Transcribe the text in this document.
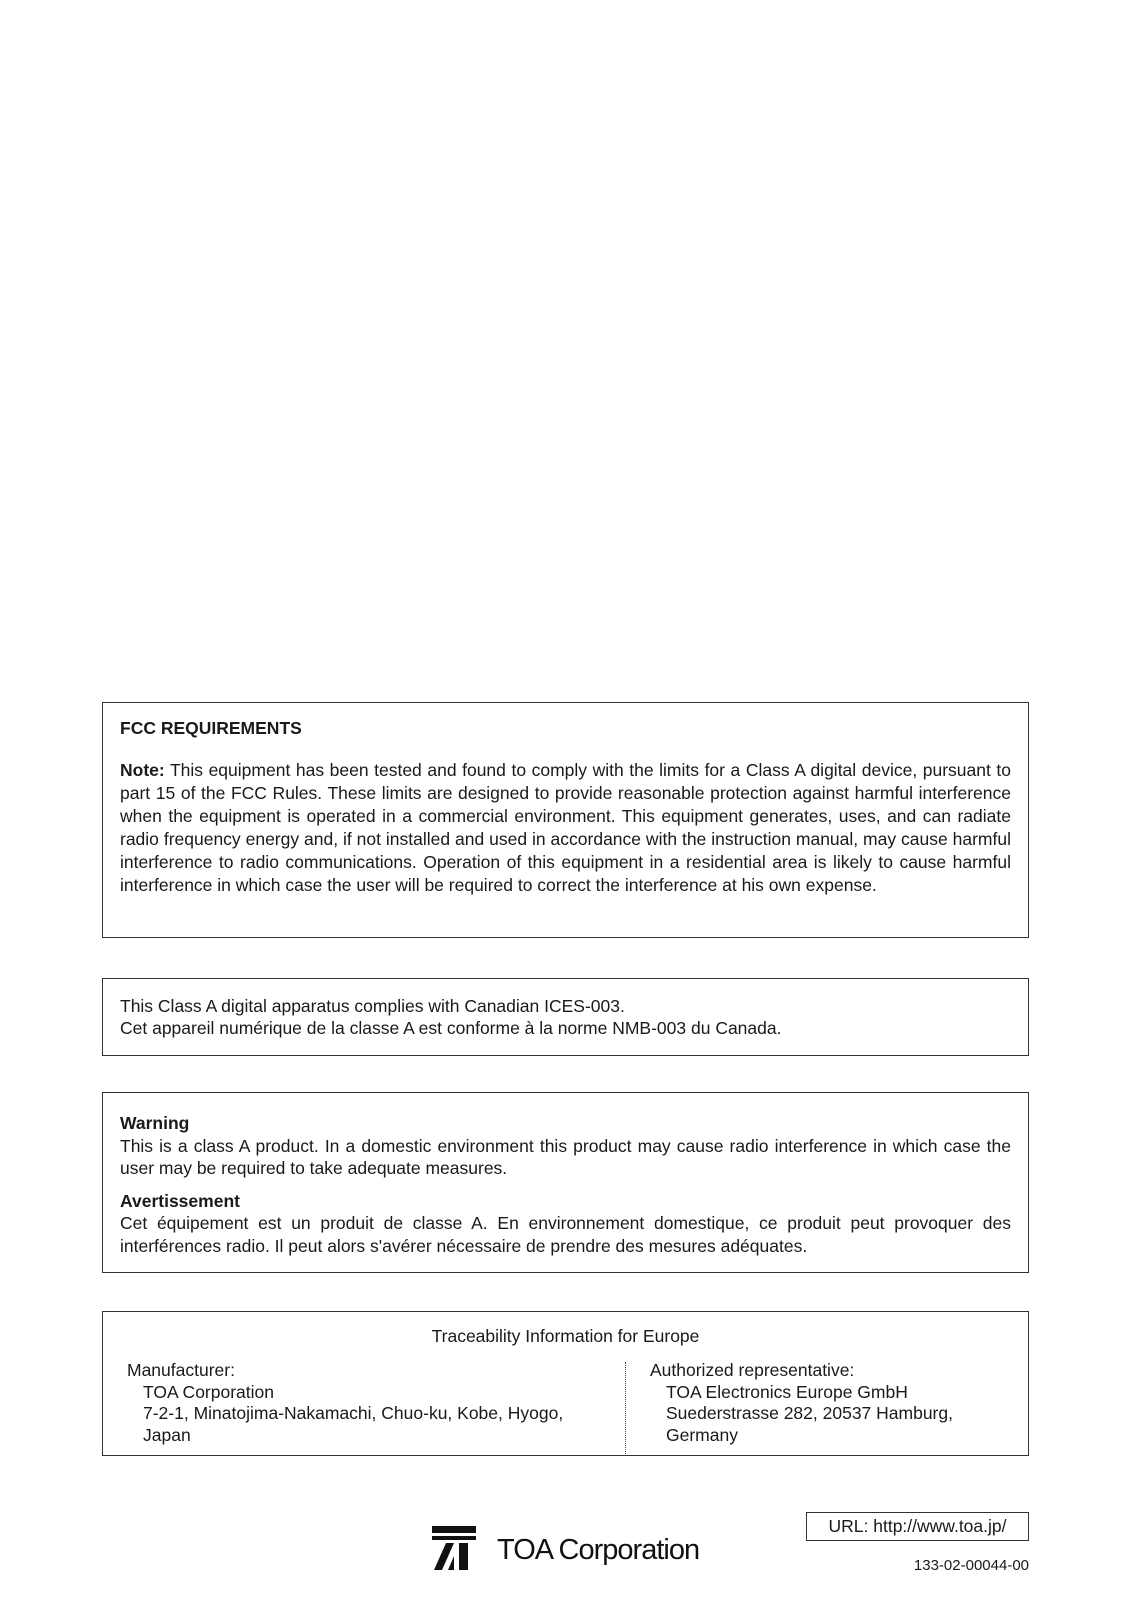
FCC REQUIREMENTS

Note: This equipment has been tested and found to comply with the limits for a Class A digital device, pursuant to part 15 of the FCC Rules. These limits are designed to provide reasonable protection against harmful interference when the equipment is operated in a commercial environment. This equipment generates, uses, and can radiate radio frequency energy and, if not installed and used in accordance with the instruction manual, may cause harmful interference to radio communications. Operation of this equipment in a residential area is likely to cause harmful interference in which case the user will be required to correct the interference at his own expense.

This Class A digital apparatus complies with Canadian ICES-003.

Cet appareil numérique de la classe A est conforme à la norme NMB-003 du Canada.

Warning

This is a class A product. In a domestic environment this product may cause radio interference in which case the user may be required to take adequate measures.

Avertissement

Cet équipement est un produit de classe A. En environnement domestique, ce produit peut provoquer des interférences radio. Il peut alors s'avérer nécessaire de prendre des mesures adéquates.

Traceability Information for Europe

Manufacturer:

TOA Corporation

7-2-1, Minatojima-Nakamachi, Chuo-ku, Kobe, Hyogo,

Japan

Authorized representative:

TOA Electronics Europe GmbH

Suederstrasse 282, 20537 Hamburg,

Germany

TOA Corporation
URL: http://www.toa.jp/
133-02-00044-00
